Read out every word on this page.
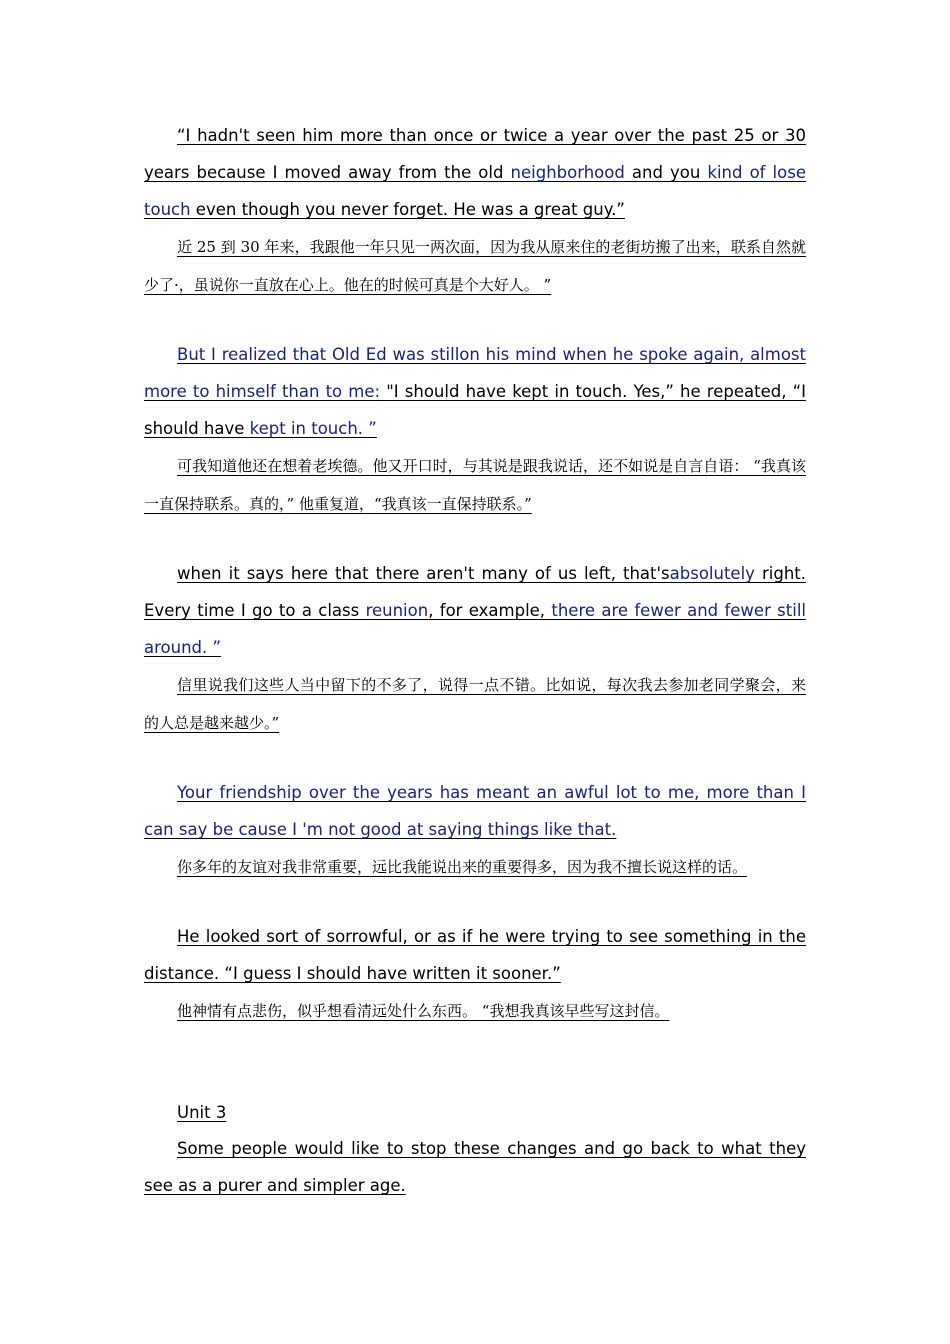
“I hadn't seen him more than once or twice a year over the past 25 or 30 years because I moved away from the old neighborhood and you kind of lose touch even though you never forget. He was a great guy.”

近 25 到 30 年来，我跟他一年只见一两次面，因为我从原来住的老街坊搬了出来，联系自然就少了·，虽说你一直放在心上。他在的时候可真是个大好人。 ”

But I realized that Old Ed was stillon his mind when he spoke again, almost more to himself than to me: "I should have kept in touch. Yes,” he repeated, “I should have kept in touch. ”

可我知道他还在想着老埃德。他又开口时，与其说是跟我说话，还不如说是自言自语： “我真该一直保持联系。真的，” 他重复道，“我真该一直保持联系。”

when it says here that there aren't many of us left, that'sabsolutely right. Every time I go to a class reunion, for example, there are fewer and fewer still around. ”

信里说我们这些人当中留下的不多了，说得一点不错。比如说，每次我去参加老同学聚会，来的人总是越来越少。”

Your friendship over the years has meant an awful lot to me, more than I can say be cause I 'm not good at saying things like that.

你多年的友谊对我非常重要，远比我能说出来的重要得多，因为我不擅长说这样的话。

He looked sort of sorrowful, or as if he were trying to see something in the distance. “I guess I should have written it sooner.”

他神情有点悲伤，似乎想看清远处什么东西。 “我想我真该早些写这封信。

Unit 3

Some people would like to stop these changes and go back to what they see as a purer and simpler age.
